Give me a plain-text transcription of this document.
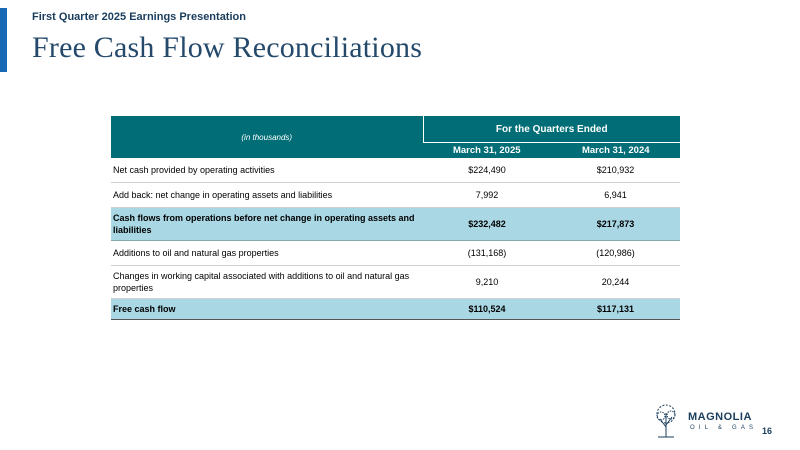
First Quarter 2025 Earnings Presentation
Free Cash Flow Reconciliations
(in thousands)	For the Quarters Ended	
	March 31, 2025	March 31, 2024
Net cash provided by operating activities	$224,490	$210,932
Add back: net change in operating assets and liabilities	7,992	6,941
Cash flows from operations before net change in operating assets and liabilities	$232,482	$217,873
Additions to oil and natural gas properties	(131,168)	(120,986)
Changes in working capital associated with additions to oil and natural gas properties	9,210	20,244
Free cash flow	$110,524	$117,131
MAGNOLIA
OIL & GAS 16
